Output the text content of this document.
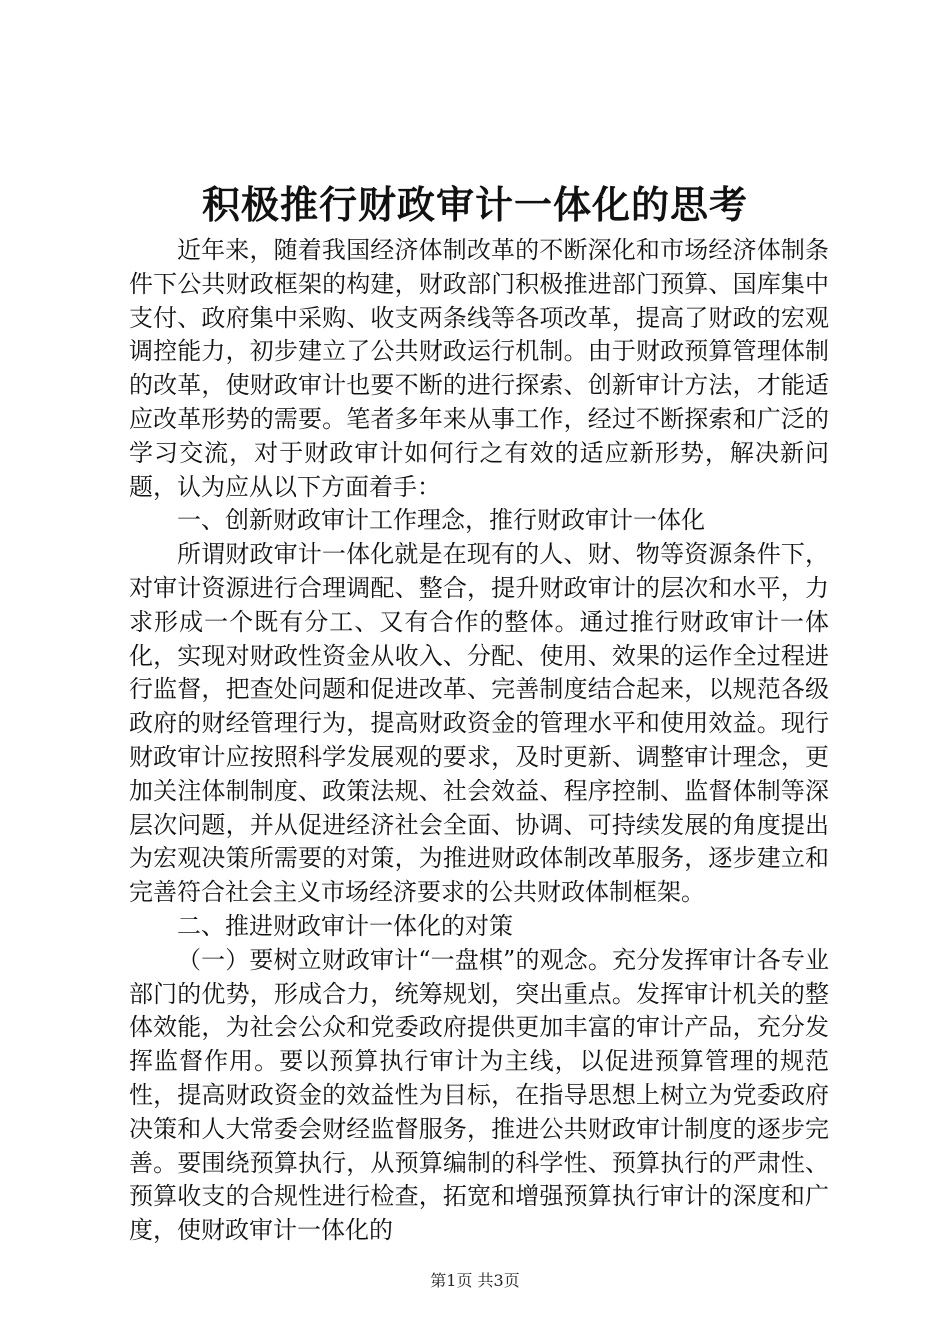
积极推行财政审计一体化的思考

近年来，随着我国经济体制改革的不断深化和市场经济体制条件下公共财政框架的构建，财政部门积极推进部门预算、国库集中支付、政府集中采购、收支两条线等各项改革，提高了财政的宏观调控能力，初步建立了公共财政运行机制。由于财政预算管理体制的改革，使财政审计也要不断的进行探索、创新审计方法，才能适应改革形势的需要。笔者多年来从事工作，经过不断探索和广泛的学习交流，对于财政审计如何行之有效的适应新形势，解决新问题，认为应从以下方面着手：

一、创新财政审计工作理念，推行财政审计一体化

所谓财政审计一体化就是在现有的人、财、物等资源条件下，对审计资源进行合理调配、整合，提升财政审计的层次和水平，力求形成一个既有分工、又有合作的整体。通过推行财政审计一体化，实现对财政性资金从收入、分配、使用、效果的运作全过程进行监督，把查处问题和促进改革、完善制度结合起来，以规范各级政府的财经管理行为，提高财政资金的管理水平和使用效益。现行财政审计应按照科学发展观的要求，及时更新、调整审计理念，更加关注体制制度、政策法规、社会效益、程序控制、监督体制等深层次问题，并从促进经济社会全面、协调、可持续发展的角度提出为宏观决策所需要的对策，为推进财政体制改革服务，逐步建立和完善符合社会主义市场经济要求的公共财政体制框架。

二、推进财政审计一体化的对策

（一）要树立财政审计“一盘棋”的观念。充分发挥审计各专业部门的优势，形成合力，统筹规划，突出重点。发挥审计机关的整体效能，为社会公众和党委政府提供更加丰富的审计产品，充分发挥监督作用。要以预算执行审计为主线，以促进预算管理的规范性，提高财政资金的效益性为目标，在指导思想上树立为党委政府决策和人大常委会财经监督服务，推进公共财政审计制度的逐步完善。要围绕预算执行，从预算编制的科学性、预算执行的严肃性、预算收支的合规性进行检查，拓宽和增强预算执行审计的深度和广度，使财政审计一体化的

第1页 共3页
